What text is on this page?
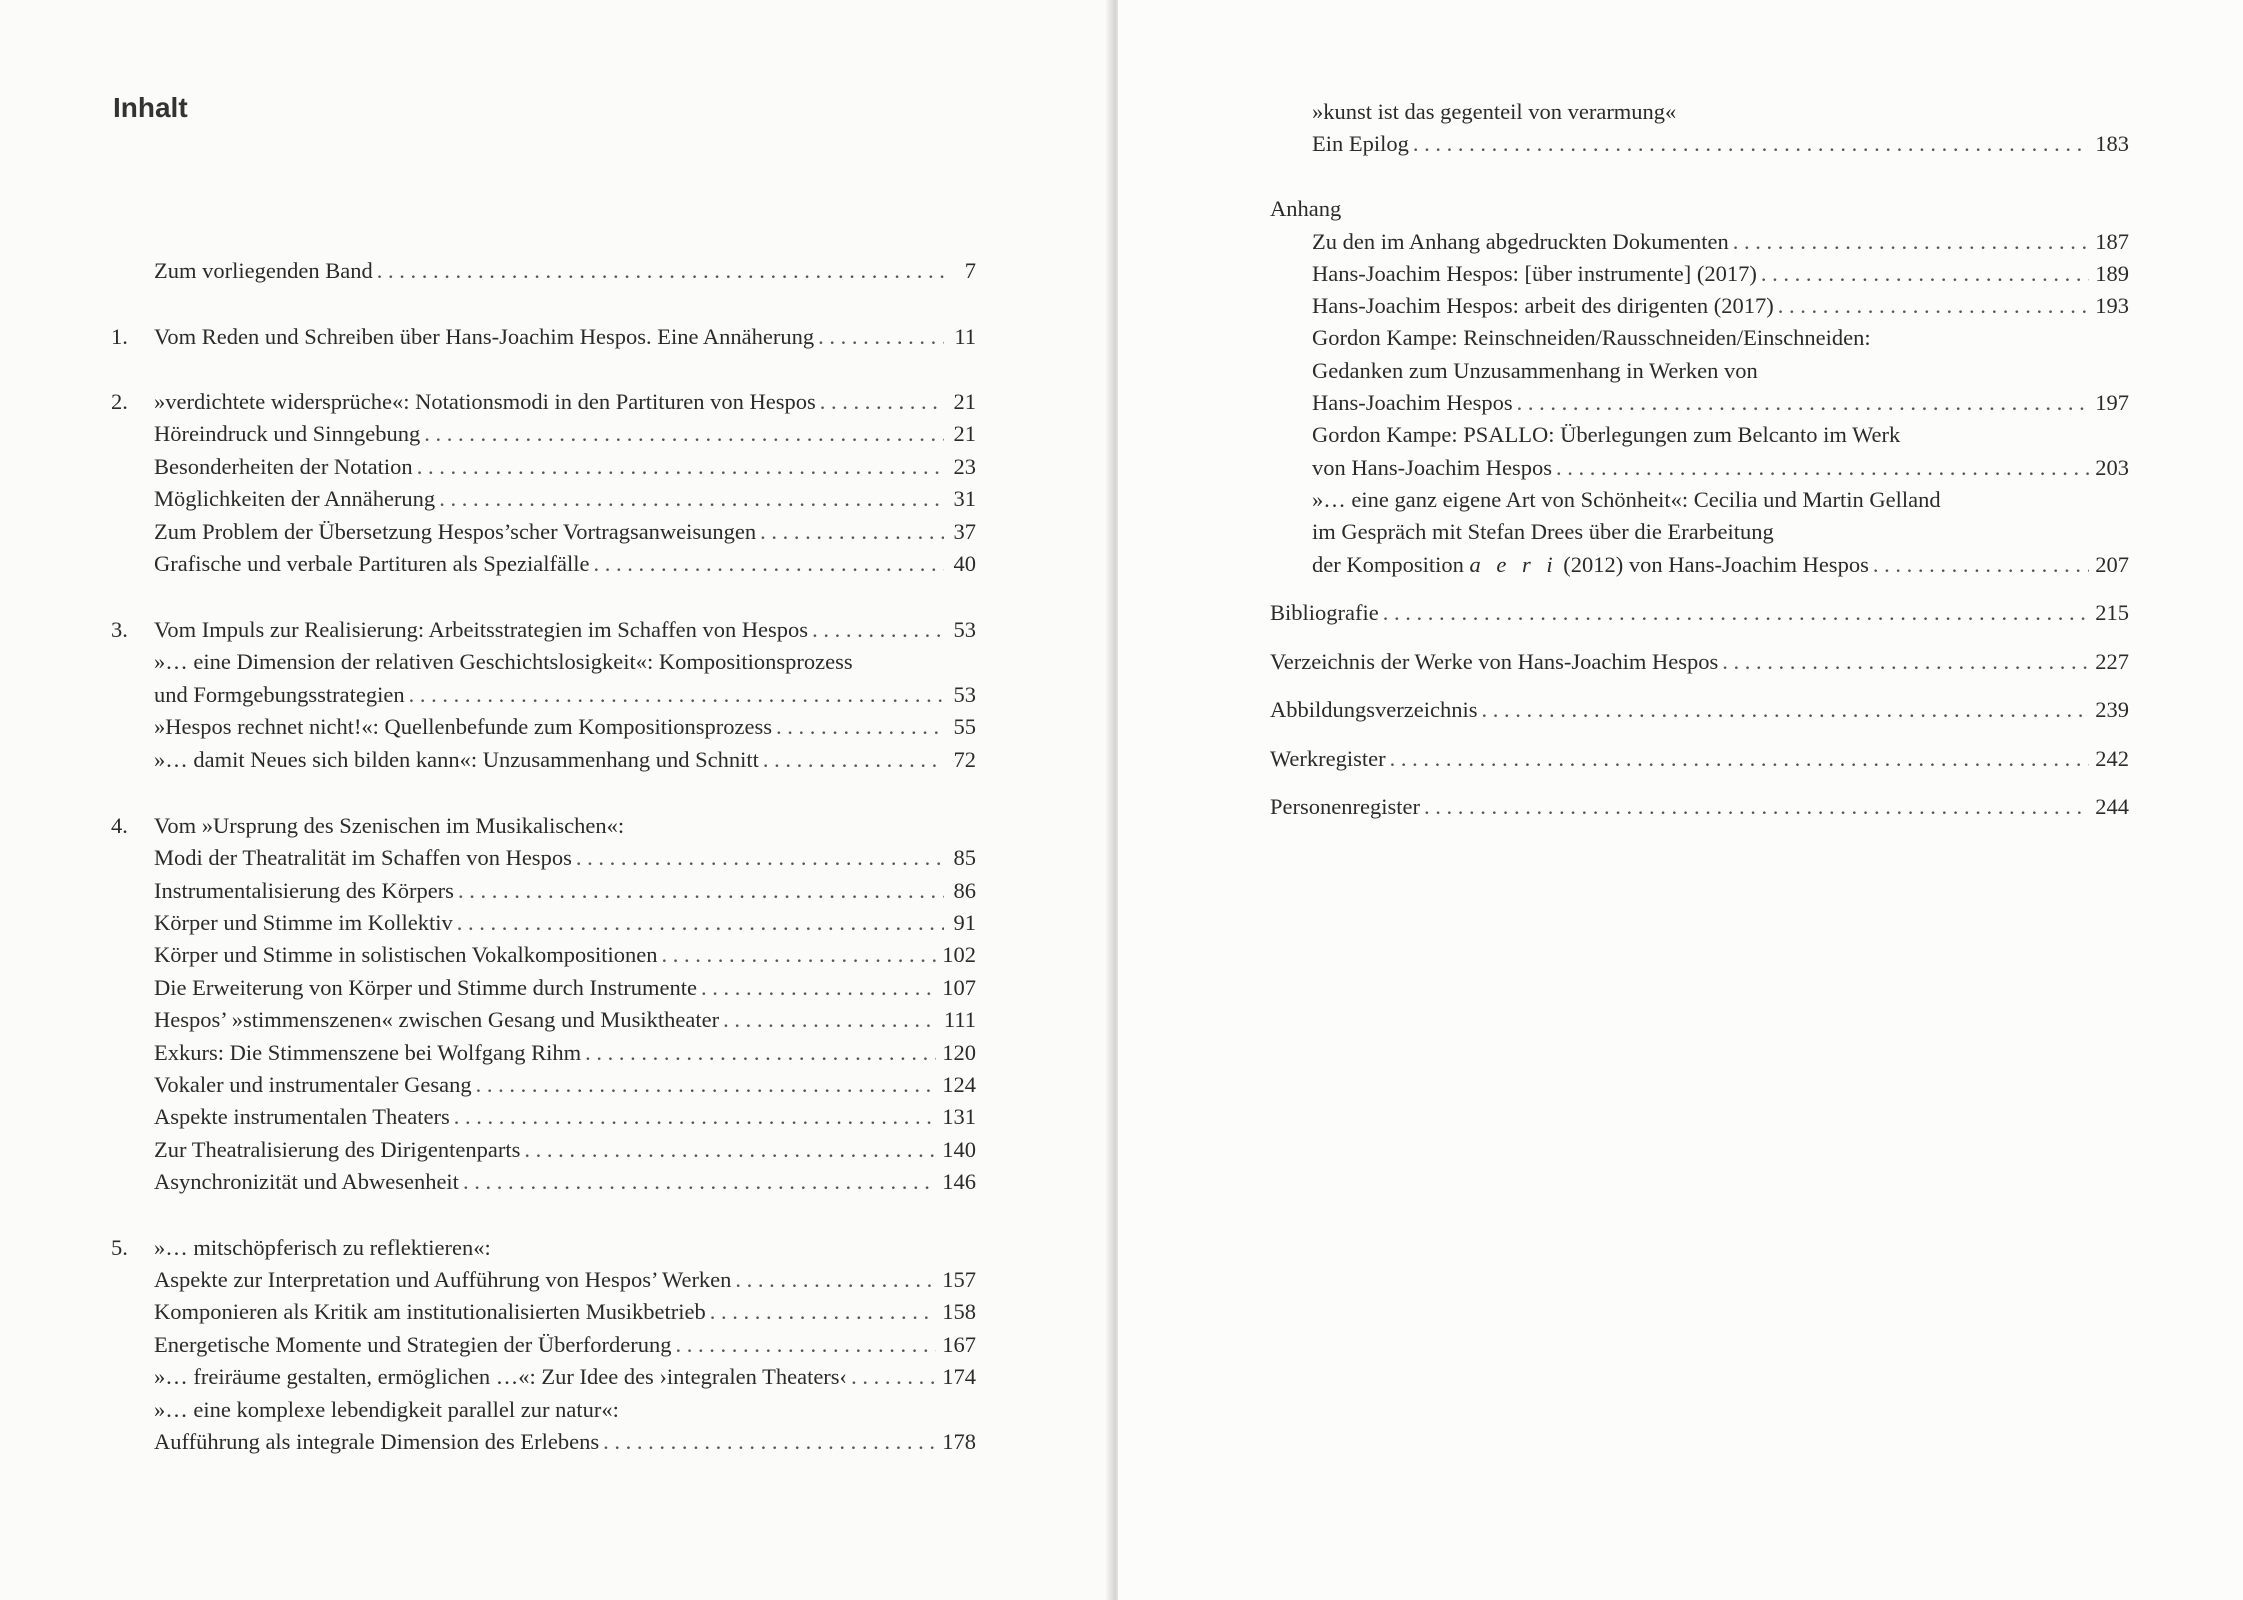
Inhalt
Zum vorliegenden Band . . .	7
1. Vom Reden und Schreiben über Hans-Joachim Hespos. Eine Annäherung . . .	11
2. »verdichtete widersprüche«: Notationsmodi in den Partituren von Hespos . . .	21
Höreindruck und Sinngebung . . .	21
Besonderheiten der Notation . . .	23
Möglichkeiten der Annäherung . . .	31
Zum Problem der Übersetzung Hespos’scher Vortragsanweisungen . . .	37
Grafische und verbale Partituren als Spezialfälle . . .	40
3. Vom Impuls zur Realisierung: Arbeitsstrategien im Schaffen von Hespos . . .	53
»… eine Dimension der relativen Geschichtslosigkeit«: Kompositionsprozess
und Formgebungsstrategien . . .	53
»Hespos rechnet nicht!«: Quellenbefunde zum Kompositionsprozess . . .	55
»… damit Neues sich bilden kann«: Unzusammenhang und Schnitt . . .	72
4. Vom »Ursprung des Szenischen im Musikalischen«:
Modi der Theatralität im Schaffen von Hespos . . .	85
Instrumentalisierung des Körpers . . .	86
Körper und Stimme im Kollektiv . . .	91
Körper und Stimme in solistischen Vokalkompositionen . . .	102
Die Erweiterung von Körper und Stimme durch Instrumente . . .	107
Hespos’ »stimmenszenen« zwischen Gesang und Musiktheater . . .	111
Exkurs: Die Stimmenszene bei Wolfgang Rihm . . .	120
Vokaler und instrumentaler Gesang . . .	124
Aspekte instrumentalen Theaters . . .	131
Zur Theatralisierung des Dirigentenparts . . .	140
Asynchronizität und Abwesenheit . . .	146
5. »… mitschöpferisch zu reflektieren«:
Aspekte zur Interpretation und Aufführung von Hespos’ Werken . . .	157
Komponieren als Kritik am institutionalisierten Musikbetrieb . . .	158
Energetische Momente und Strategien der Überforderung . . .	167
»… freiräume gestalten, ermöglichen …«: Zur Idee des ›integralen Theaters‹ . . .	174
»… eine komplexe lebendigkeit parallel zur natur«:
Aufführung als integrale Dimension des Erlebens . . .	178
»kunst ist das gegenteil von verarmung«
Ein Epilog . . .	183
Anhang
Zu den im Anhang abgedruckten Dokumenten . . .	187
Hans-Joachim Hespos: [über instrumente] (2017) . . .	189
Hans-Joachim Hespos: arbeit des dirigenten (2017) . . .	193
Gordon Kampe: Reinschneiden/Rausschneiden/Einschneiden:
Gedanken zum Unzusammenhang in Werken von
Hans-Joachim Hespos . . .	197
Gordon Kampe: PSALLO: Überlegungen zum Belcanto im Werk
von Hans-Joachim Hespos . . .	203
»… eine ganz eigene Art von Schönheit«: Cecilia und Martin Gelland
im Gespräch mit Stefan Drees über die Erarbeitung
der Komposition a e r i (2012) von Hans-Joachim Hespos . . .	207
Bibliografie . . .	215
Verzeichnis der Werke von Hans-Joachim Hespos . . .	227
Abbildungsverzeichnis . . .	239
Werkregister . . .	242
Personenregister . . .	244
